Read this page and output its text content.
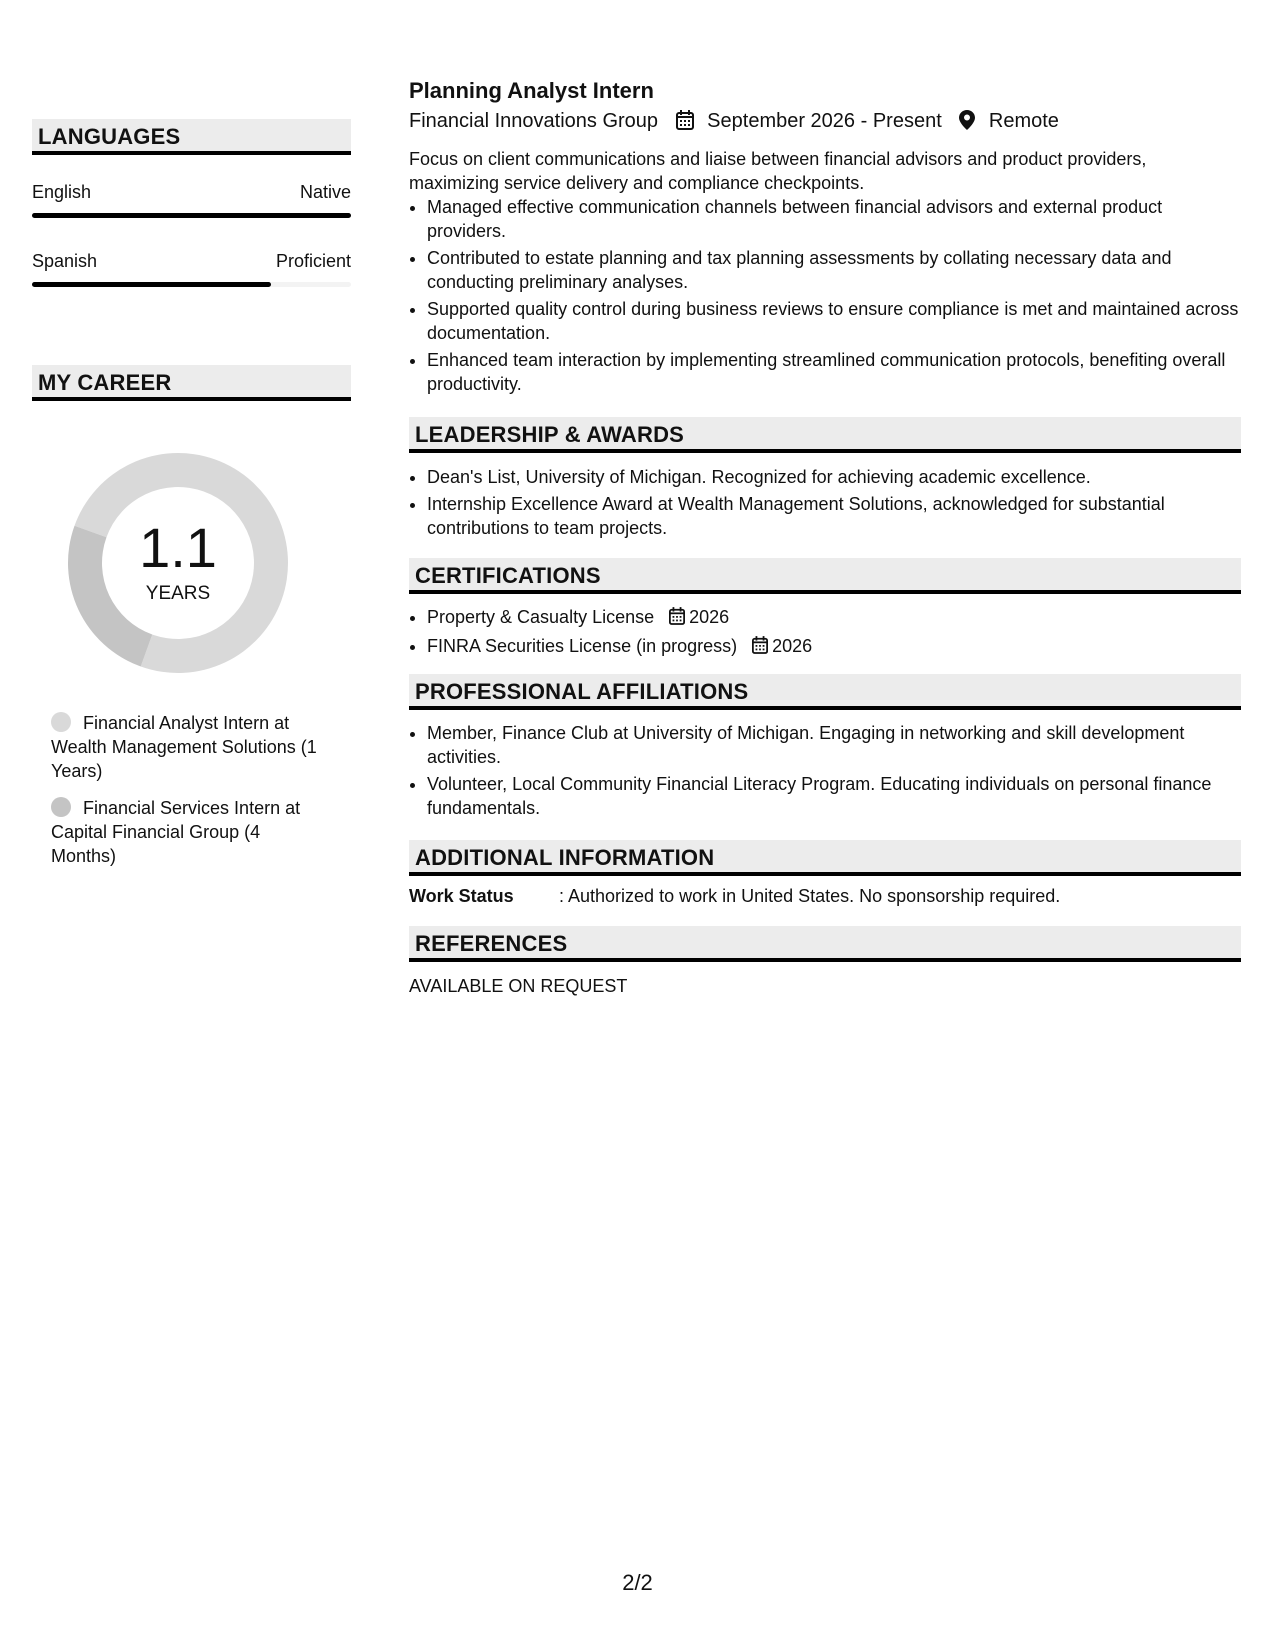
LANGUAGES
English	Native
Spanish	Proficient
MY CAREER
1.1
YEARS
Financial Analyst Intern at Wealth Management Solutions (1 Years)
Financial Services Intern at Capital Financial Group (4 Months)
Planning Analyst Intern
Financial Innovations Group September 2026 - Present Remote
Focus on client communications and liaise between financial advisors and product providers, maximizing service delivery and compliance checkpoints.
• Managed effective communication channels between financial advisors and external product providers.
• Contributed to estate planning and tax planning assessments by collating necessary data and conducting preliminary analyses.
• Supported quality control during business reviews to ensure compliance is met and maintained across documentation.
• Enhanced team interaction by implementing streamlined communication protocols, benefiting overall productivity.
LEADERSHIP & AWARDS
• Dean's List, University of Michigan. Recognized for achieving academic excellence.
• Internship Excellence Award at Wealth Management Solutions, acknowledged for substantial contributions to team projects.
CERTIFICATIONS
• Property & Casualty License 2026
• FINRA Securities License (in progress) 2026
PROFESSIONAL AFFILIATIONS
• Member, Finance Club at University of Michigan. Engaging in networking and skill development activities.
• Volunteer, Local Community Financial Literacy Program. Educating individuals on personal finance fundamentals.
ADDITIONAL INFORMATION
Work Status	: Authorized to work in United States. No sponsorship required.
REFERENCES
AVAILABLE ON REQUEST
2/2
